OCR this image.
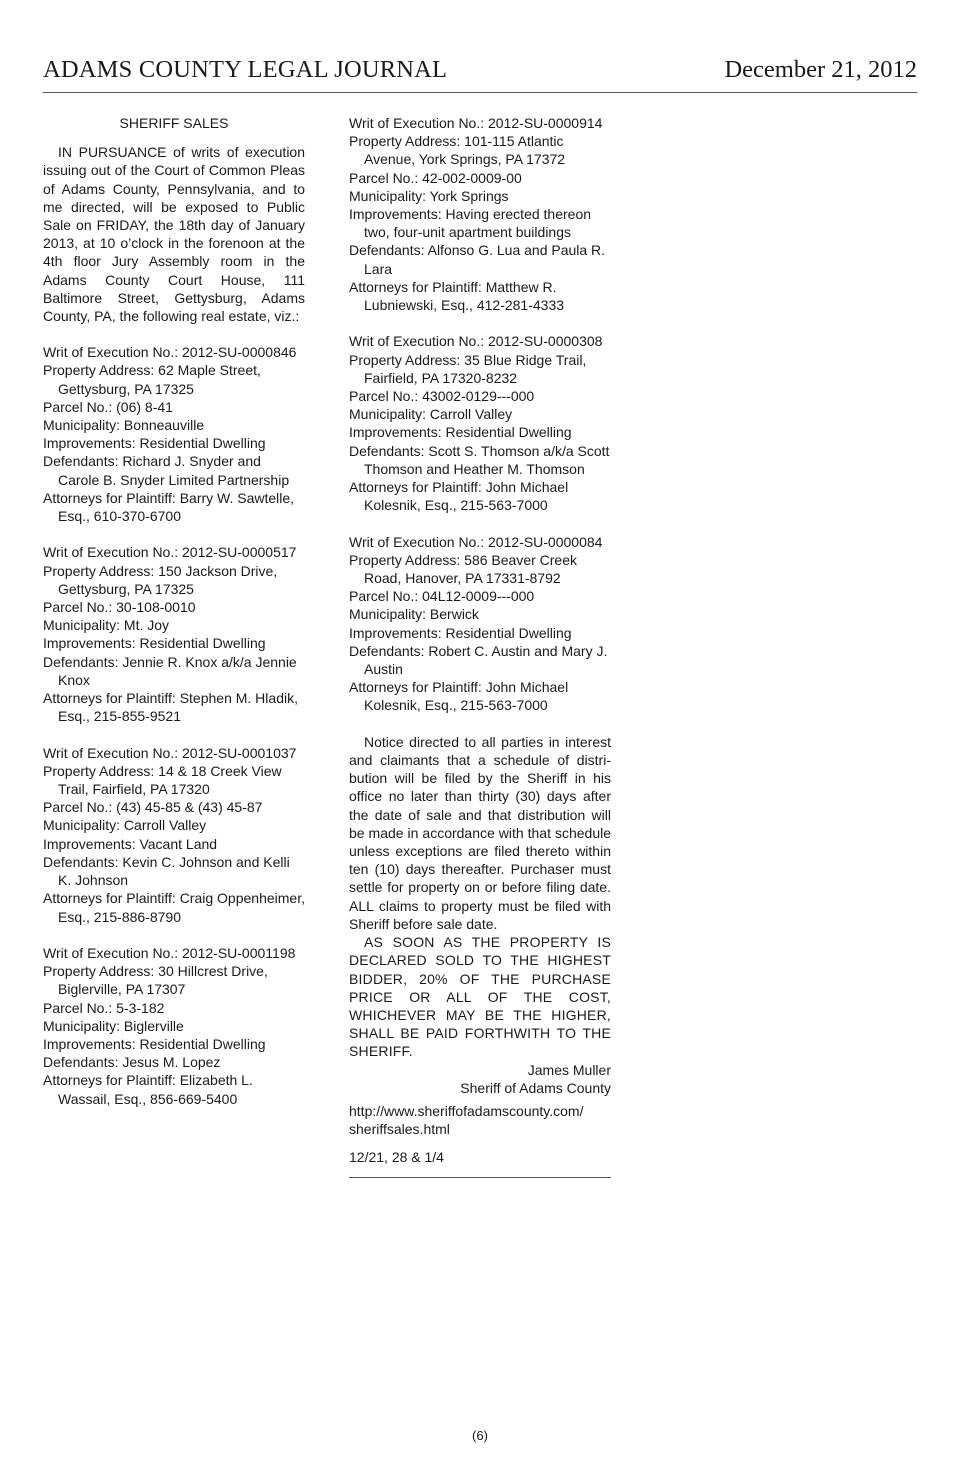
ADAMS COUNTY LEGAL JOURNAL	December 21, 2012

SHERIFF SALES

IN PURSUANCE of writs of execution issuing out of the Court of Common Pleas of Adams County, Pennsylvania, and to me directed, will be exposed to Public Sale on FRIDAY, the 18th day of January 2013, at 10 o’clock in the forenoon at the 4th floor Jury Assembly room in the Adams County Court House, 111 Baltimore Street, Gettysburg, Adams County, PA, the following real estate, viz.:

Writ of Execution No.: 2012-SU-0000846

Property Address: 62 Maple Street, Gettysburg, PA 17325

Parcel No.: (06) 8-41

Municipality: Bonneauville

Improvements: Residential Dwelling

Defendants: Richard J. Snyder and Carole B. Snyder Limited Partnership

Attorneys for Plaintiff: Barry W. Sawtelle, Esq., 610-370-6700

Writ of Execution No.: 2012-SU-0000517

Property Address: 150 Jackson Drive, Gettysburg, PA 17325

Parcel No.: 30-108-0010

Municipality: Mt. Joy

Improvements: Residential Dwelling

Defendants: Jennie R. Knox a/k/a Jennie Knox

Attorneys for Plaintiff: Stephen M. Hladik, Esq., 215-855-9521

Writ of Execution No.: 2012-SU-0001037

Property Address: 14 & 18 Creek View Trail, Fairfield, PA 17320

Parcel No.: (43) 45-85 & (43) 45-87

Municipality: Carroll Valley

Improvements: Vacant Land

Defendants: Kevin C. Johnson and Kelli K. Johnson

Attorneys for Plaintiff: Craig Oppenheimer, Esq., 215-886-8790

Writ of Execution No.: 2012-SU-0001198

Property Address: 30 Hillcrest Drive, Biglerville, PA 17307

Parcel No.: 5-3-182

Municipality: Biglerville

Improvements: Residential Dwelling

Defendants: Jesus M. Lopez

Attorneys for Plaintiff: Elizabeth L. Wassail, Esq., 856-669-5400

Writ of Execution No.: 2012-SU-0000914

Property Address: 101-115 Atlantic Avenue, York Springs, PA 17372

Parcel No.: 42-002-0009-00

Municipality: York Springs

Improvements: Having erected thereon two, four-unit apartment buildings

Defendants: Alfonso G. Lua and Paula R. Lara

Attorneys for Plaintiff: Matthew R. Lubniewski, Esq., 412-281-4333

Writ of Execution No.: 2012-SU-0000308

Property Address: 35 Blue Ridge Trail, Fairfield, PA 17320-8232

Parcel No.: 43002-0129---000

Municipality: Carroll Valley

Improvements: Residential Dwelling

Defendants: Scott S. Thomson a/k/a Scott Thomson and Heather M. Thomson

Attorneys for Plaintiff: John Michael Kolesnik, Esq., 215-563-7000

Writ of Execution No.: 2012-SU-0000084

Property Address: 586 Beaver Creek Road, Hanover, PA 17331-8792

Parcel No.: 04L12-0009---000

Municipality: Berwick

Improvements: Residential Dwelling

Defendants: Robert C. Austin and Mary J. Austin

Attorneys for Plaintiff: John Michael Kolesnik, Esq., 215-563-7000

Notice directed to all parties in interest and claimants that a schedule of distribution will be filed by the Sheriff in his office no later than thirty (30) days after the date of sale and that distribution will be made in accordance with that schedule unless exceptions are filed thereto within ten (10) days thereafter. Purchaser must settle for property on or before filing date. ALL claims to property must be filed with Sheriff before sale date.

AS SOON AS THE PROPERTY IS DECLARED SOLD TO THE HIGHEST BIDDER, 20% OF THE PURCHASE PRICE OR ALL OF THE COST, WHICHEVER MAY BE THE HIGHER, SHALL BE PAID FORTHWITH TO THE SHERIFF.

James Muller

Sheriff of Adams County

http://www.sheriffofadamscounty.com/​sheriffsales.html

12/21, 28 & 1/4

(6)
